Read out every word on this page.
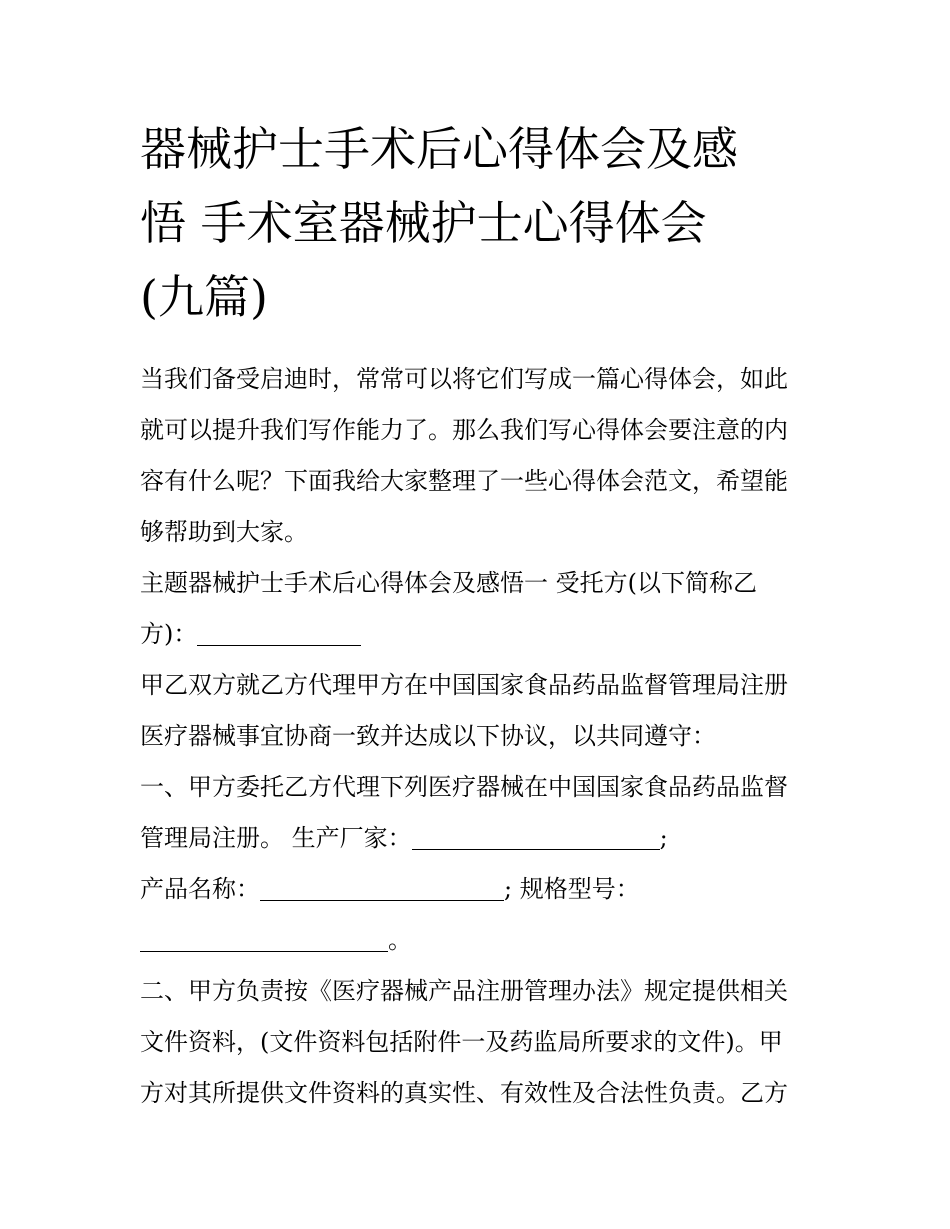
器械护士手术后心得体会及感
悟 手术室器械护士心得体会
(九篇)
当我们备受启迪时，常常可以将它们写成一篇心得体会，如此
就可以提升我们写作能力了。那么我们写心得体会要注意的内
容有什么呢？下面我给大家整理了一些心得体会范文，希望能
够帮助到大家。
主题器械护士手术后心得体会及感悟一 受托方(以下简称乙
方)：
甲乙双方就乙方代理甲方在中国国家食品药品监督管理局注册
医疗器械事宜协商一致并达成以下协议，以共同遵守：
一、甲方委托乙方代理下列医疗器械在中国国家食品药品监督
管理局注册。 生产厂家：	;
产品名称：	; 规格型号：
。
二、甲方负责按《医疗器械产品注册管理办法》规定提供相关
文件资料，(文件资料包括附件一及药监局所要求的文件)。甲
方对其所提供文件资料的真实性、有效性及合法性负责。乙方
